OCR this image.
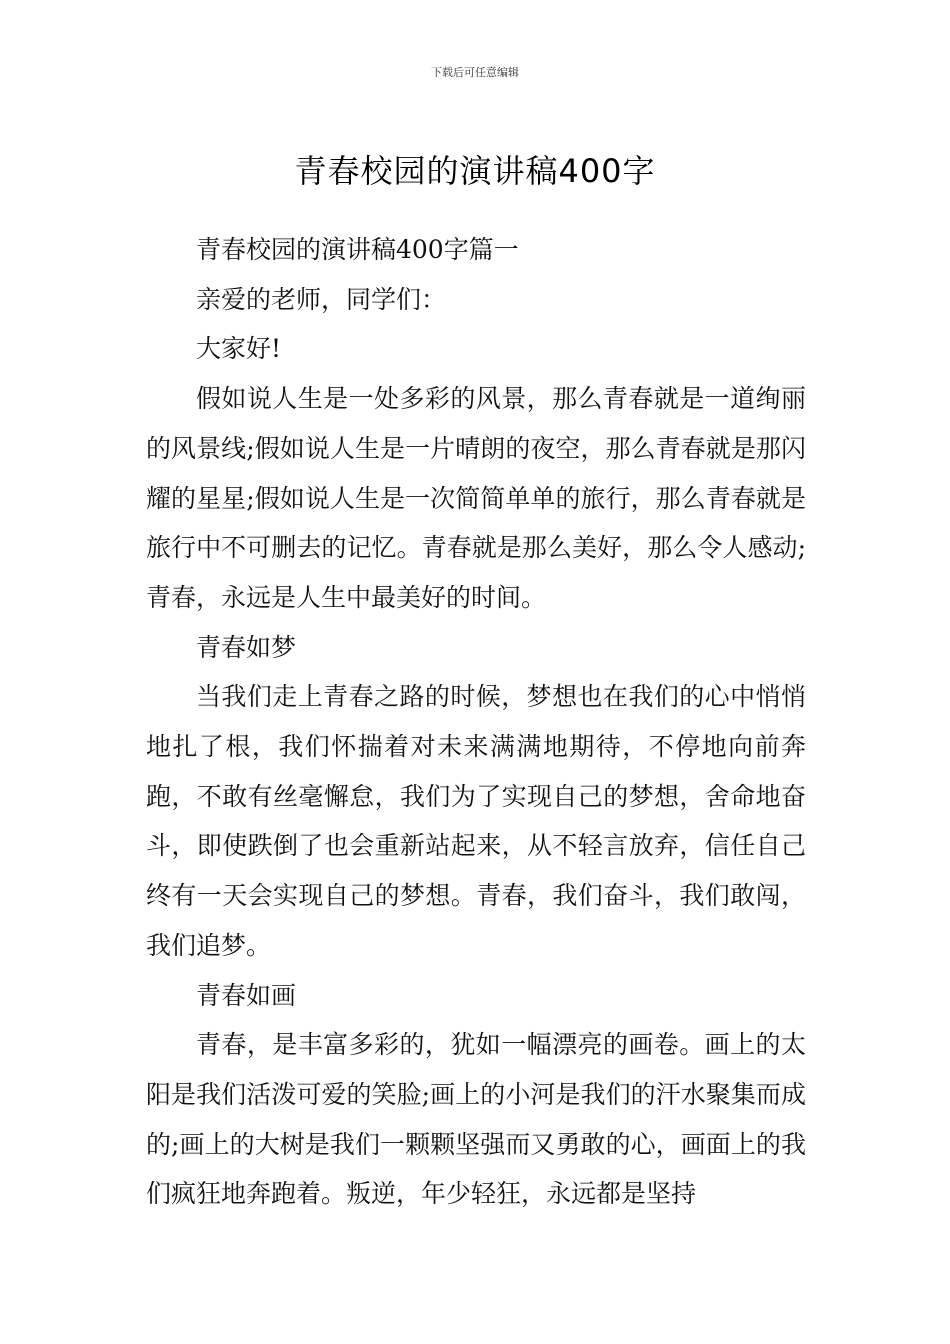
下载后可任意编辑
青春校园的演讲稿400字

青春校园的演讲稿400字篇一

亲爱的老师，同学们：

大家好!

假如说人生是一处多彩的风景，那么青春就是一道绚丽的风景线;假如说人生是一片晴朗的夜空，那么青春就是那闪耀的星星;假如说人生是一次简简单单的旅行，那么青春就是旅行中不可删去的记忆。青春就是那么美好，那么令人感动;青春，永远是人生中最美好的时间。

青春如梦

当我们走上青春之路的时候，梦想也在我们的心中悄悄地扎了根，我们怀揣着对未来满满地期待，不停地向前奔跑，不敢有丝毫懈怠，我们为了实现自己的梦想，舍命地奋斗，即使跌倒了也会重新站起来，从不轻言放弃，信任自己终有一天会实现自己的梦想。青春，我们奋斗，我们敢闯，我们追梦。

青春如画

青春，是丰富多彩的，犹如一幅漂亮的画卷。画上的太阳是我们活泼可爱的笑脸;画上的小河是我们的汗水聚集而成的;画上的大树是我们一颗颗坚强而又勇敢的心，画面上的我们疯狂地奔跑着。叛逆，年少轻狂，永远都是坚持
